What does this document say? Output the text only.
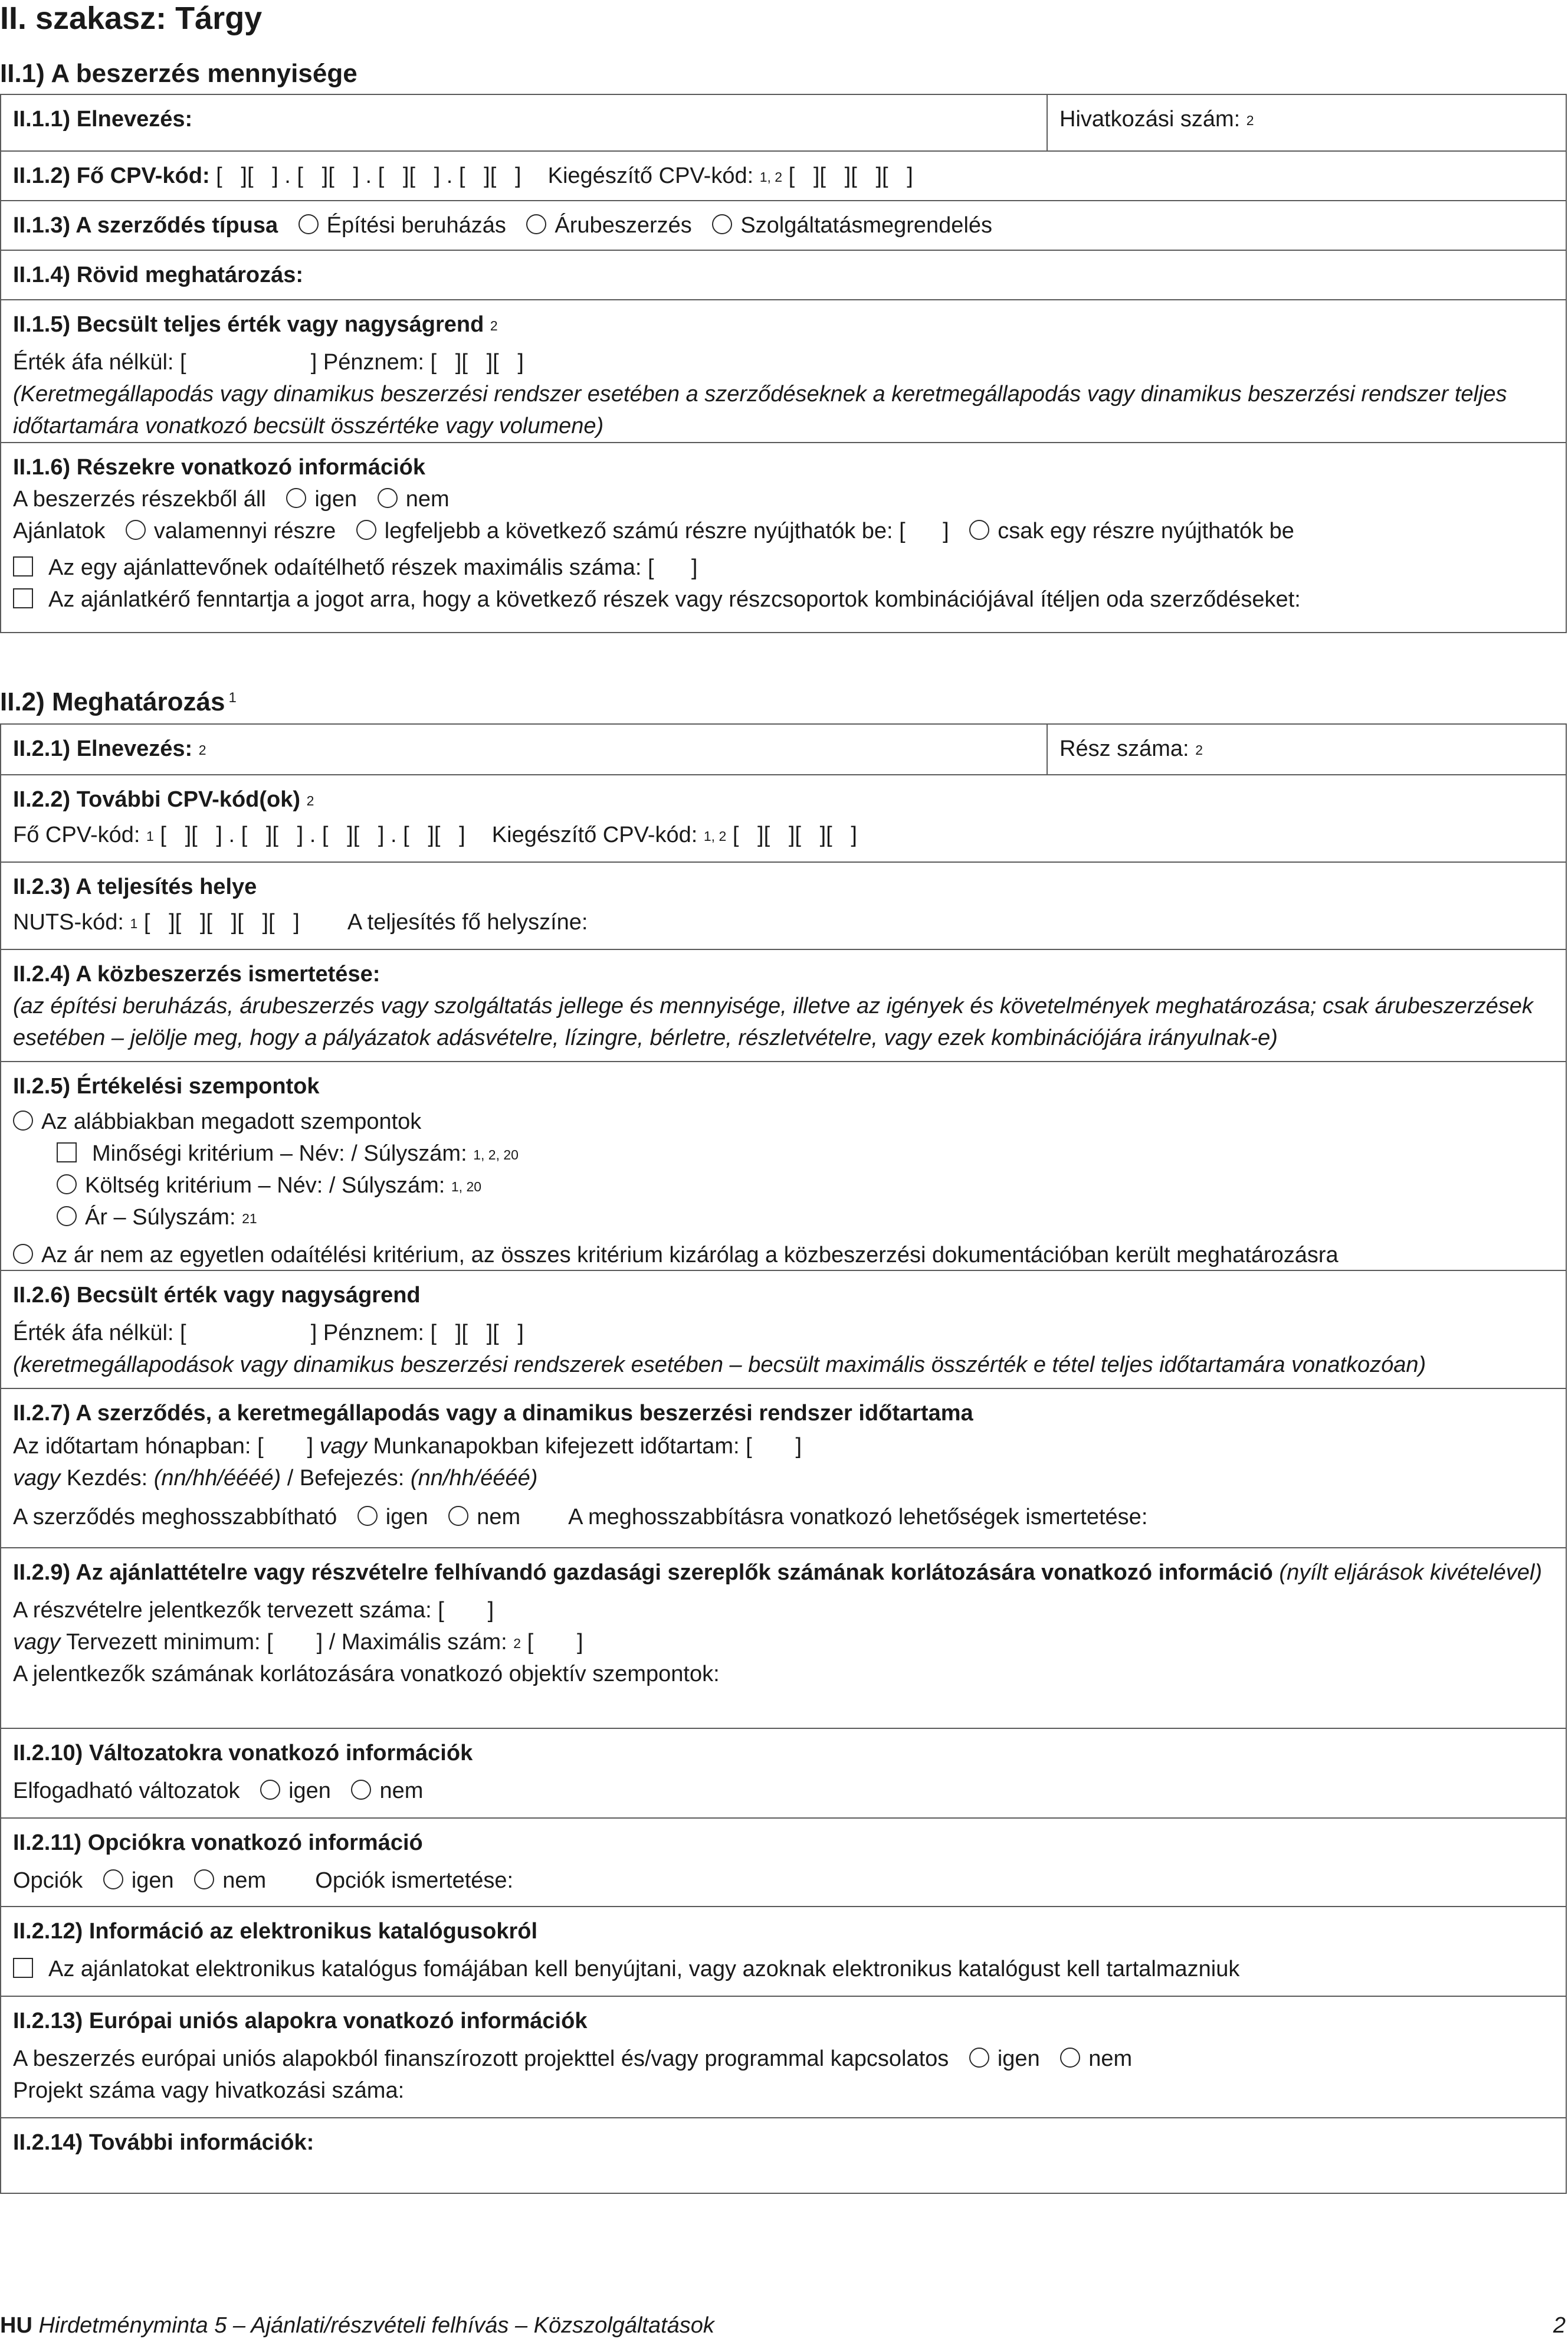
II. szakasz: Tárgy
II.1) A beszerzés mennyisége
II.1.1) Elnevezés:	Hivatkozási szám: $^2$
II.1.2) Fő CPV-kód: [   ][   ] . [   ][   ] . [   ][   ] . [   ][   ] Kiegészítő CPV-kód: $^{1, 2}$ [   ][   ][   ][   ]
II.1.3) A szerződés típusa Építési beruházás Árubeszerzés Szolgáltatásmegrendelés
II.1.4) Rövid meghatározás:
II.1.5) Becsült teljes érték vagy nagyságrend $^2$
Érték áfa nélkül: [                    ] Pénznem: [   ][   ][   ]
(Keretmegállapodás vagy dinamikus beszerzési rendszer esetében a szerződéseknek a keretmegállapodás vagy dinamikus beszerzési rendszer teljes időtartamára vonatkozó becsült összértéke vagy volumene)
II.1.6) Részekre vonatkozó információk
A beszerzés részekből áll igen nem
Ajánlatok valamennyi részre legfeljebb a következő számú részre nyújthatók be: [      ] csak egy részre nyújthatók be
Az egy ajánlattevőnek odaítélhető részek maximális száma: [      ]
Az ajánlatkérő fenntartja a jogot arra, hogy a következő részek vagy részcsoportok kombinációjával ítéljen oda szerződéseket:
II.2) Meghatározás $^1$
II.2.1) Elnevezés: $^2$	Rész száma: $^2$
II.2.2) További CPV-kód(ok) $^2$
Fő CPV-kód: $^1$ [   ][   ] . [   ][   ] . [   ][   ] . [   ][   ] Kiegészítő CPV-kód: $^{1, 2}$ [   ][   ][   ][   ]
II.2.3) A teljesítés helye
NUTS-kód: $^1$ [   ][   ][   ][   ][   ] A teljesítés fő helyszíne:
II.2.4) A közbeszerzés ismertetése:
(az építési beruházás, árubeszerzés vagy szolgáltatás jellege és mennyisége, illetve az igények és követelmények meghatározása; csak árubeszerzések esetében – jelölje meg, hogy a pályázatok adásvételre, lízingre, bérletre, részletvételre, vagy ezek kombinációjára irányulnak-e)
II.2.5) Értékelési szempontok
Az alábbiakban megadott szempontok
Minőségi kritérium – Név: / Súlyszám: $^{1, 2, 20}$
Költség kritérium – Név: / Súlyszám: $^{1, 20}$
Ár – Súlyszám: $^{21}$
Az ár nem az egyetlen odaítélési kritérium, az összes kritérium kizárólag a közbeszerzési dokumentációban került meghatározásra
II.2.6) Becsült érték vagy nagyságrend
Érték áfa nélkül: [                    ] Pénznem: [   ][   ][   ]
(keretmegállapodások vagy dinamikus beszerzési rendszerek esetében – becsült maximális összérték e tétel teljes időtartamára vonatkozóan)
II.2.7) A szerződés, a keretmegállapodás vagy a dinamikus beszerzési rendszer időtartama
Az időtartam hónapban: [       ] vagy Munkanapokban kifejezett időtartam: [       ]
vagy Kezdés: (nn/hh/éééé) / Befejezés: (nn/hh/éééé)
A szerződés meghosszabbítható igen nem A meghosszabbításra vonatkozó lehetőségek ismertetése:
II.2.9) Az ajánlattételre vagy részvételre felhívandó gazdasági szereplők számának korlátozására vonatkozó információ (nyílt eljárások kivételével)
A részvételre jelentkezők tervezett száma: [       ]
vagy Tervezett minimum: [       ] / Maximális szám: $^2$ [       ]
A jelentkezők számának korlátozására vonatkozó objektív szempontok:
II.2.10) Változatokra vonatkozó információk
Elfogadható változatok igen nem
II.2.11) Opciókra vonatkozó információ
Opciók igen nem Opciók ismertetése:
II.2.12) Információ az elektronikus katalógusokról
Az ajánlatokat elektronikus katalógus fomájában kell benyújtani, vagy azoknak elektronikus katalógust kell tartalmazniuk
II.2.13) Európai uniós alapokra vonatkozó információk
A beszerzés európai uniós alapokból finanszírozott projekttel és/vagy programmal kapcsolatos igen nem
Projekt száma vagy hivatkozási száma:
II.2.14) További információk:
HU Hirdetményminta 5 – Ajánlati/részvételi felhívás – Közszolgáltatások	2
